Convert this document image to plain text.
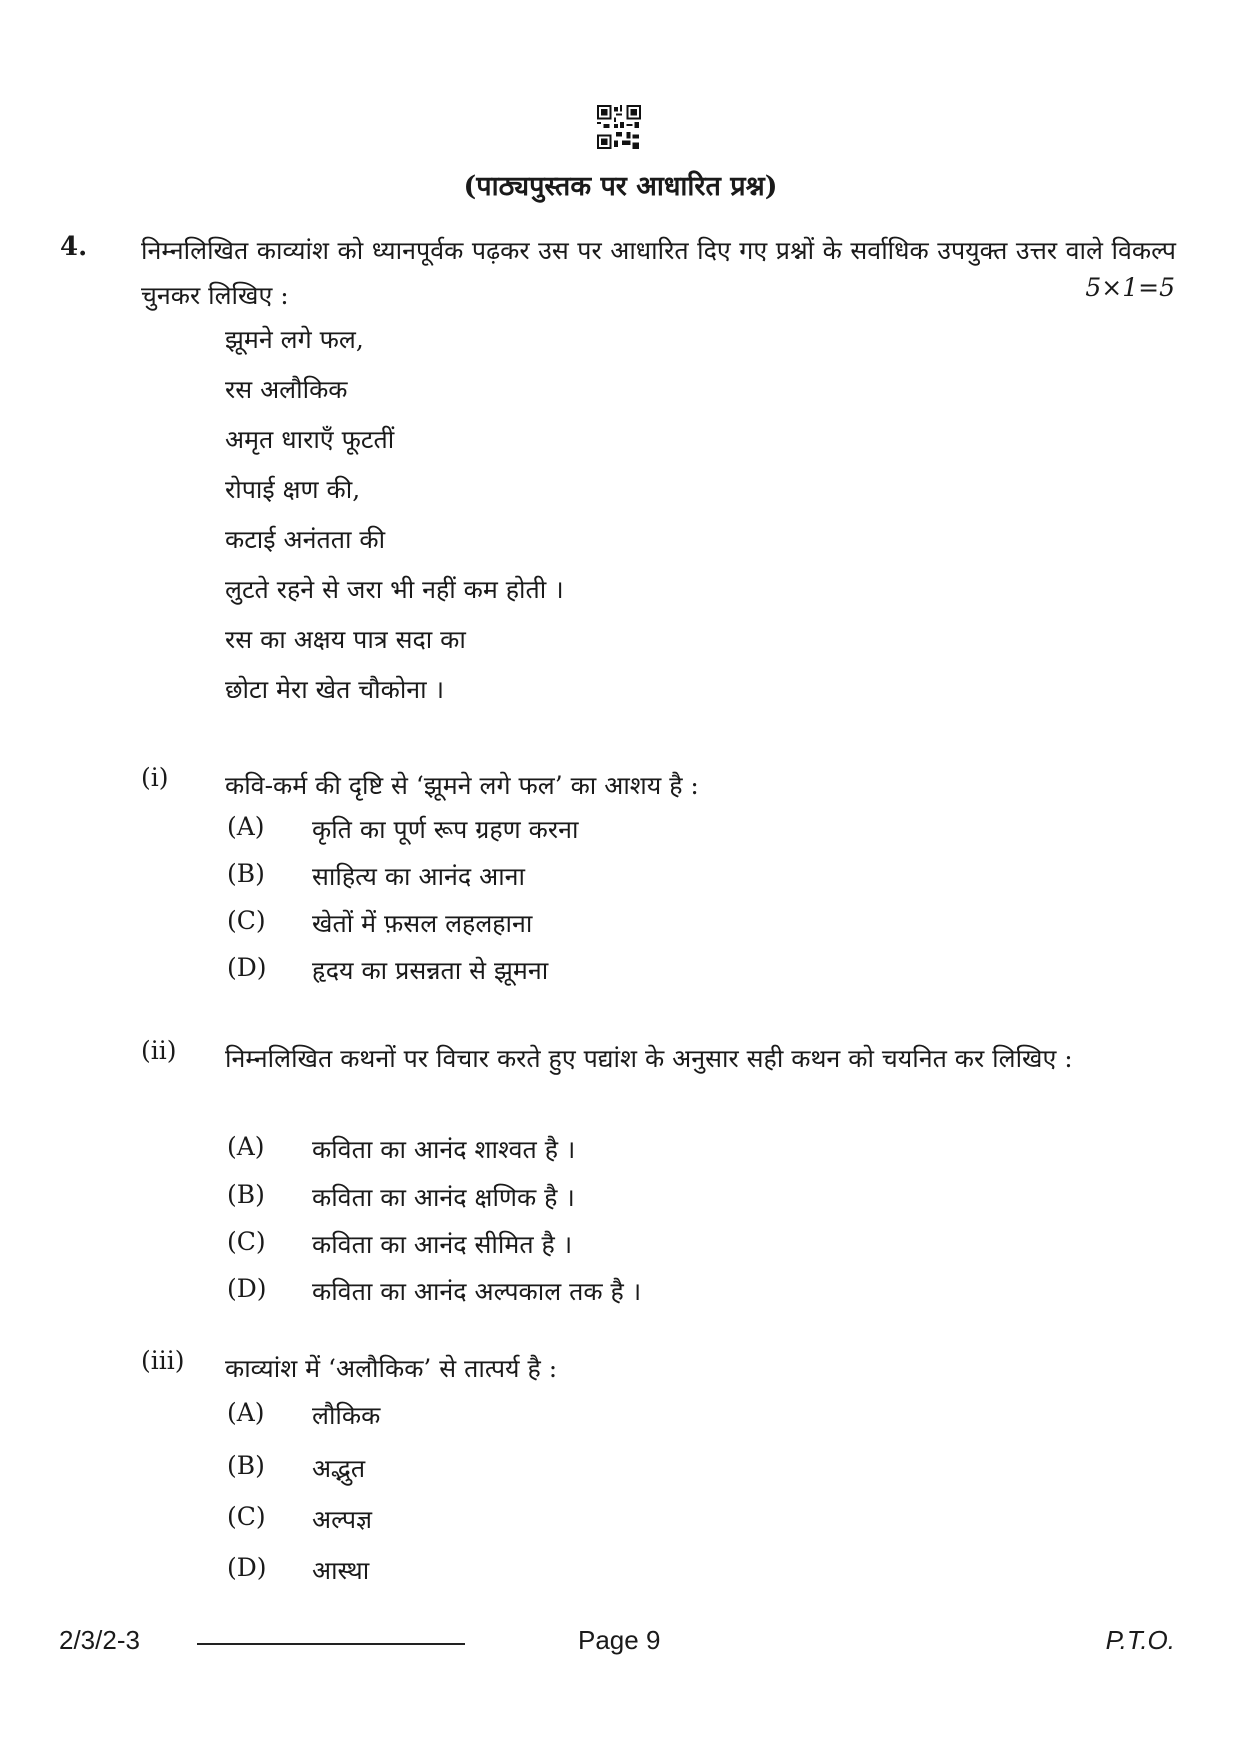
(पाठ्यपुस्तक पर आधारित प्रश्न)
4. निम्नलिखित काव्यांश को ध्यानपूर्वक पढ़कर उस पर आधारित दिए गए प्रश्नों के सर्वाधिक उपयुक्त उत्तर वाले विकल्प चुनकर लिखिए :	5×1=5
झूमने लगे फल,
रस अलौकिक
अमृत धाराएँ फूटतीं
रोपाई क्षण की,
कटाई अनंतता की
लुटते रहने से जरा भी नहीं कम होती ।
रस का अक्षय पात्र सदा का
छोटा मेरा खेत चौकोना ।
(i) कवि-कर्म की दृष्टि से ‘झूमने लगे फल’ का आशय है :
(A) कृति का पूर्ण रूप ग्रहण करना
(B) साहित्य का आनंद आना
(C) खेतों में फ़सल लहलहाना
(D) हृदय का प्रसन्नता से झूमना
(ii) निम्नलिखित कथनों पर विचार करते हुए पद्यांश के अनुसार सही कथन को चयनित कर लिखिए :
(A) कविता का आनंद शाश्वत है ।
(B) कविता का आनंद क्षणिक है ।
(C) कविता का आनंद सीमित है ।
(D) कविता का आनंद अल्पकाल तक है ।
(iii) काव्यांश में ‘अलौकिक’ से तात्पर्य है :
(A) लौकिक
(B) अद्भुत
(C) अल्पज्ञ
(D) आस्था
2/3/2-3	Page 9	P.T.O.
